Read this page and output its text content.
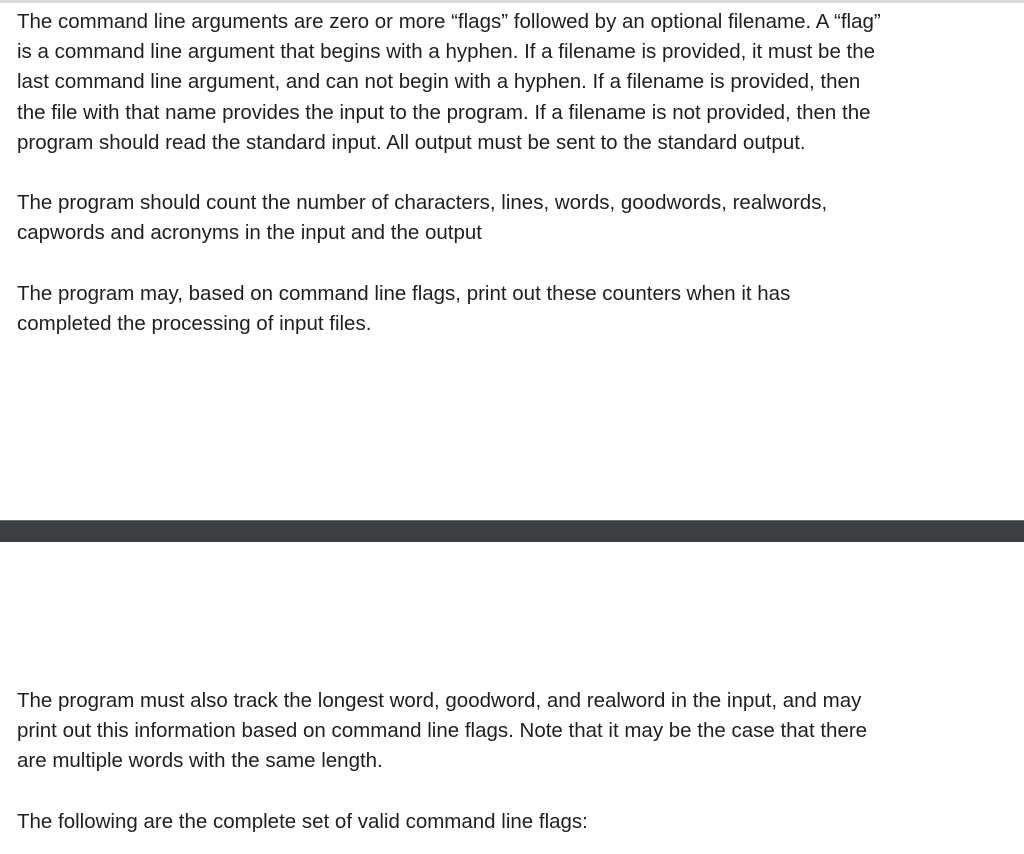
The command line arguments are zero or more “flags” followed by an optional filename. A “flag”
is a command line argument that begins with a hyphen. If a filename is provided, it must be the
last command line argument, and can not begin with a hyphen. If a filename is provided, then
the file with that name provides the input to the program. If a filename is not provided, then the
program should read the standard input. All output must be sent to the standard output.

The program should count the number of characters, lines, words, goodwords, realwords,
capwords and acronyms in the input and the output

The program may, based on command line flags, print out these counters when it has
completed the processing of input files.

The program must also track the longest word, goodword, and realword in the input, and may
print out this information based on command line flags. Note that it may be the case that there
are multiple words with the same length.

The following are the complete set of valid command line flags:
